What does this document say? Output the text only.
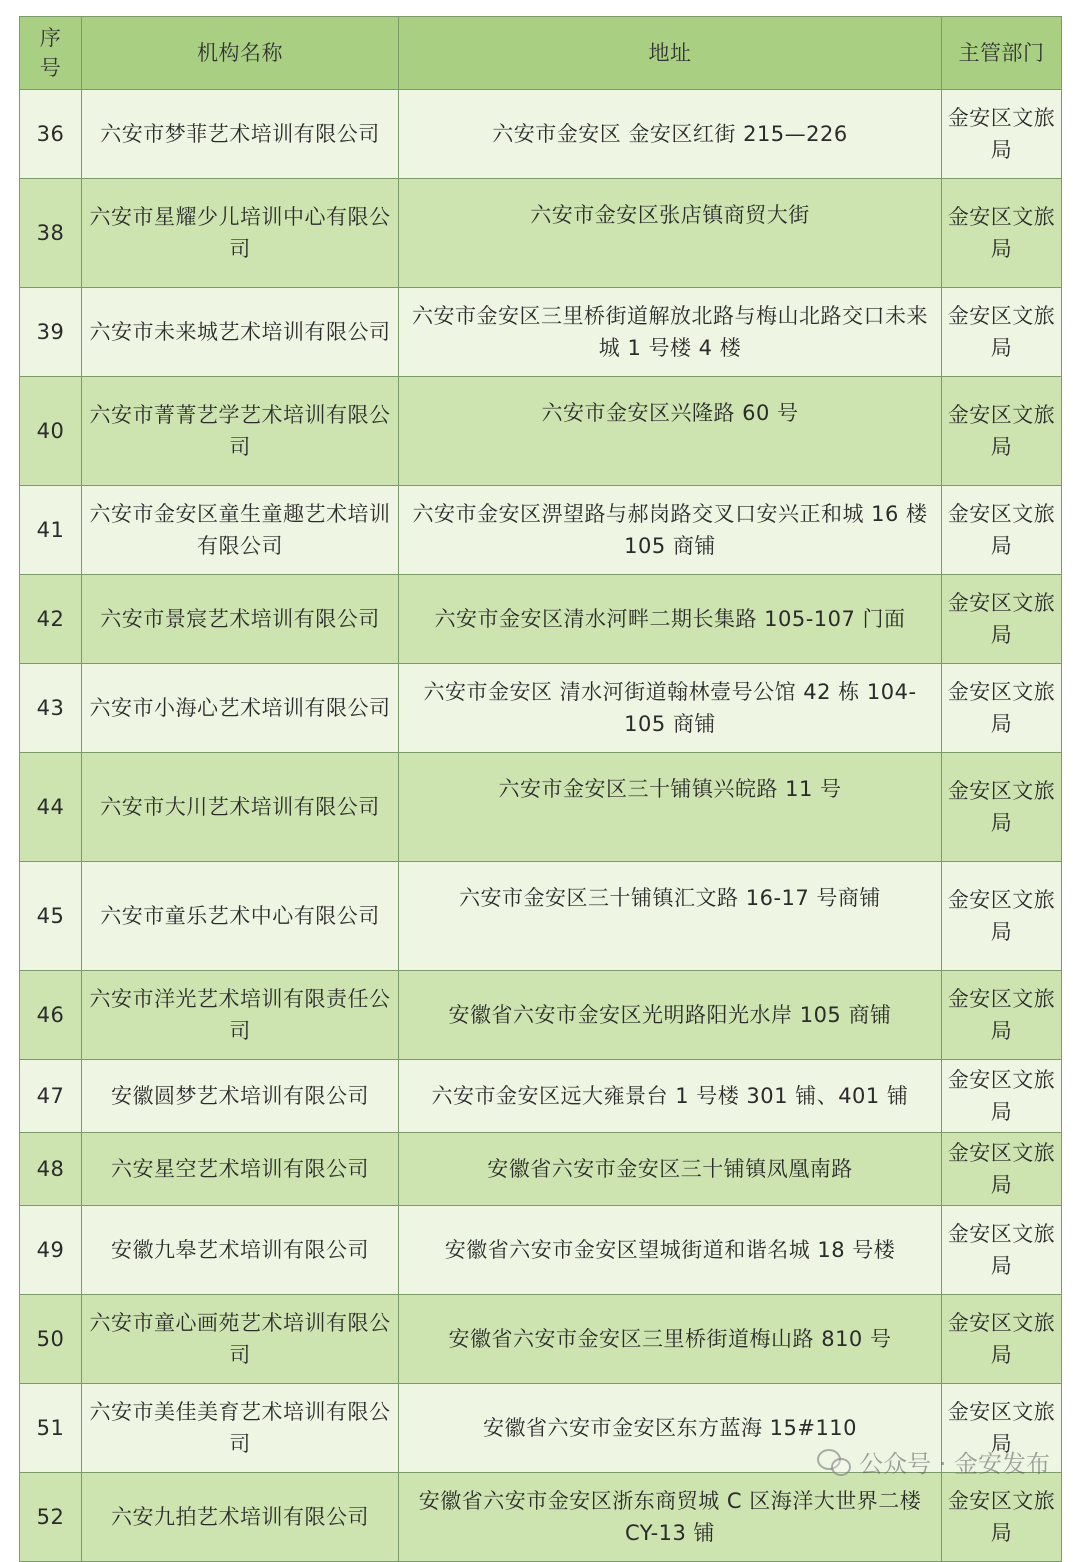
序号	机构名称	地址	主管部门
36	六安市梦菲艺术培训有限公司	六安市金安区 金安区红街 215—226	金安区文旅局
38	六安市星耀少儿培训中心有限公司	六安市金安区张店镇商贸大街	金安区文旅局
39	六安市未来城艺术培训有限公司	六安市金安区三里桥街道解放北路与梅山北路交口未来城 1 号楼 4 楼	金安区文旅局
40	六安市菁菁艺学艺术培训有限公司	六安市金安区兴隆路 60 号	金安区文旅局
41	六安市金安区童生童趣艺术培训有限公司	六安市金安区淠望路与郝岗路交叉口安兴正和城 16 楼 105 商铺	金安区文旅局
42	六安市景宸艺术培训有限公司	六安市金安区清水河畔二期长集路 105-107 门面	金安区文旅局
43	六安市小海心艺术培训有限公司	六安市金安区 清水河街道翰林壹号公馆 42 栋 104-105 商铺	金安区文旅局
44	六安市大川艺术培训有限公司	六安市金安区三十铺镇兴皖路 11 号	金安区文旅局
45	六安市童乐艺术中心有限公司	六安市金安区三十铺镇汇文路 16-17 号商铺	金安区文旅局
46	六安市洋光艺术培训有限责任公司	安徽省六安市金安区光明路阳光水岸 105 商铺	金安区文旅局
47	安徽圆梦艺术培训有限公司	六安市金安区远大雍景台 1 号楼 301 铺、401 铺	金安区文旅局
48	六安星空艺术培训有限公司	安徽省六安市金安区三十铺镇凤凰南路	金安区文旅局
49	安徽九皋艺术培训有限公司	安徽省六安市金安区望城街道和谐名城 18 号楼	金安区文旅局
50	六安市童心画苑艺术培训有限公司	安徽省六安市金安区三里桥街道梅山路 810 号	金安区文旅局
51	六安市美佳美育艺术培训有限公司	安徽省六安市金安区东方蓝海 15#110	金安区文旅局
52	六安九拍艺术培训有限公司	安徽省六安市金安区浙东商贸城 C 区海洋大世界二楼 CY-13 铺	金安区文旅局
公众号 · 金安发布
